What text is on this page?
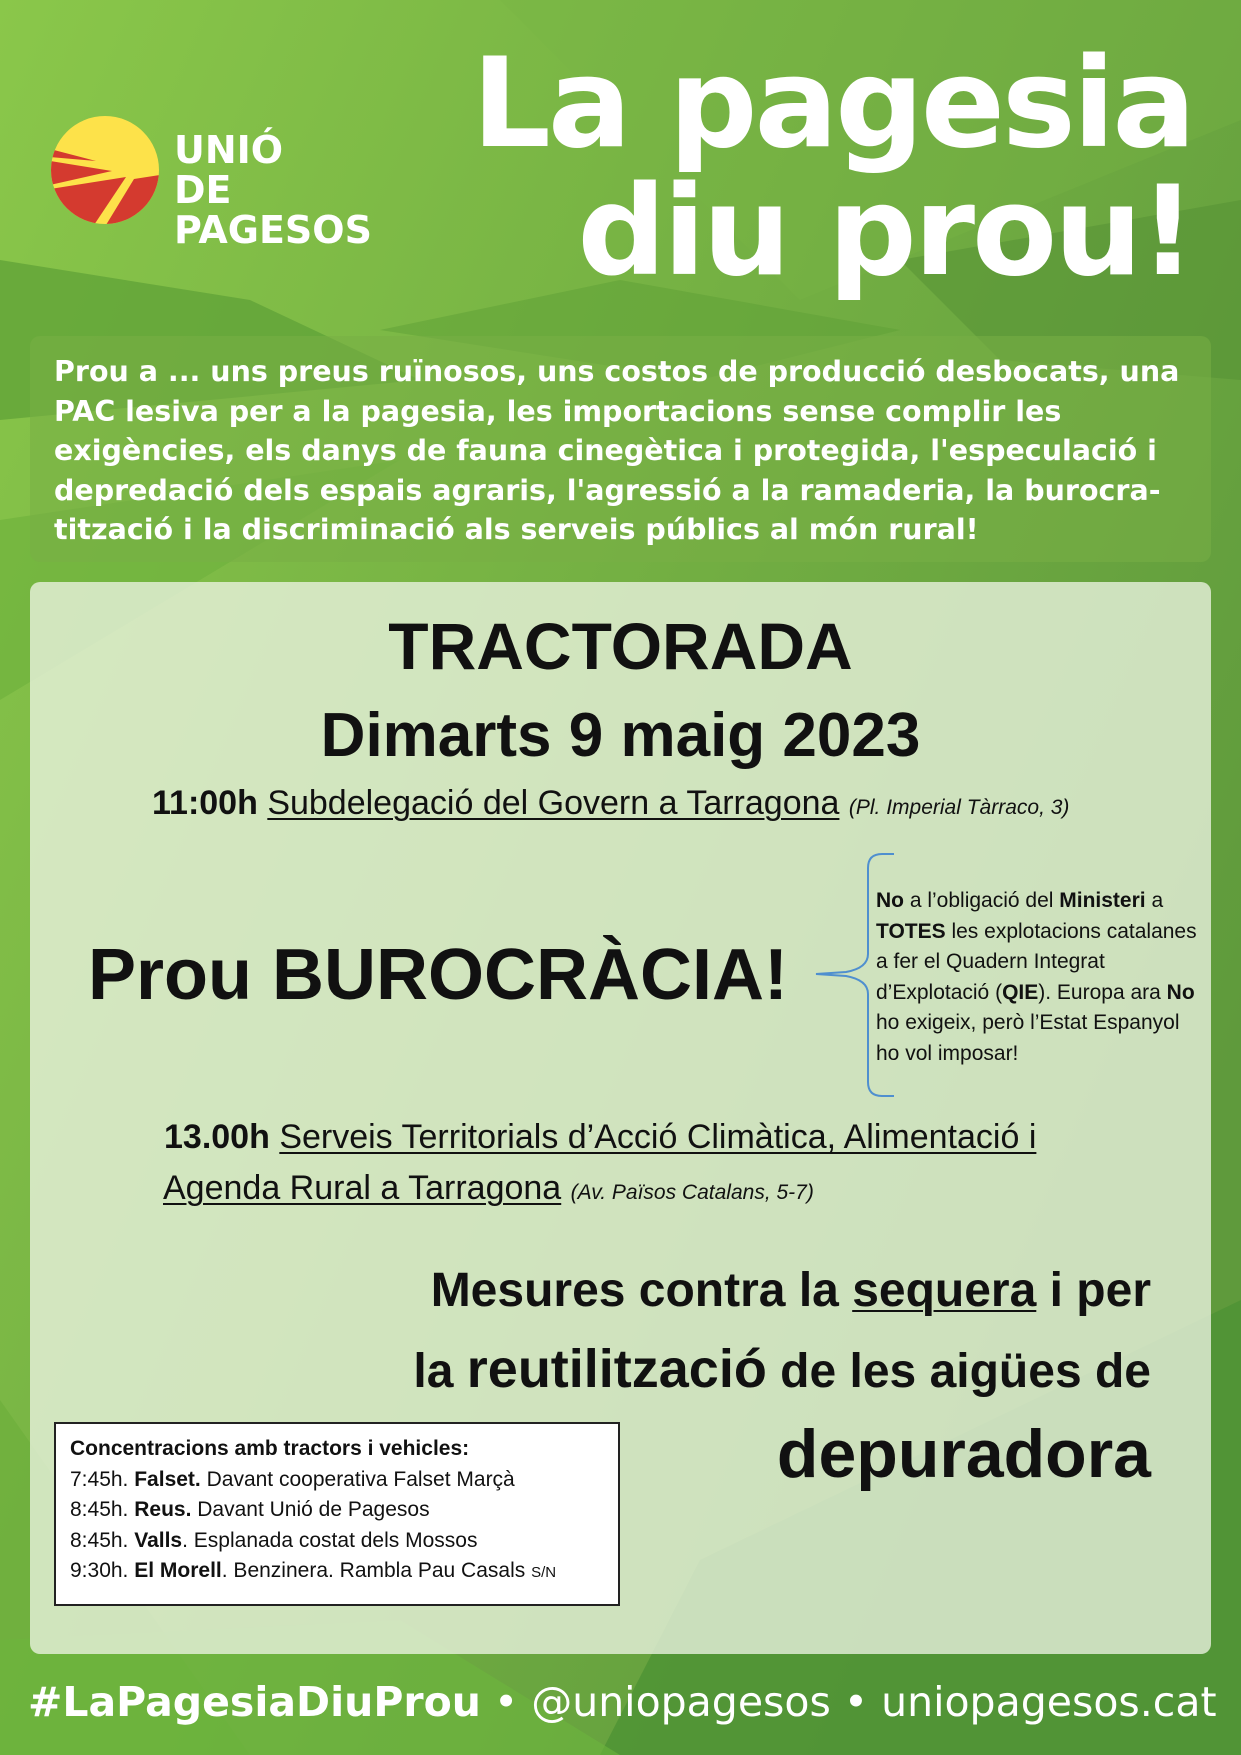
UNIÓ
DE PAGESOS
La pagesia
diu prou!
Prou a ... uns preus ruïnosos, uns costos de producció desbocats, una PAC lesiva per a la pagesia, les importacions sense complir les exigències, els danys de fauna cinegètica i protegida, l'especulació i depredació dels espais agraris, l'agressió a la ramaderia, la burocra-tització i la discriminació als serveis públics al món rural!
TRACTORADA
Dimarts 9 maig 2023
11:00h Subdelegació del Govern a Tarragona (Pl. Imperial Tàrraco, 3)
Prou BUROCRÀCIA!
No a l’obligació del Ministeri a TOTES les explotacions catalanes a fer el Quadern Integrat d’Explotació (QIE). Europa ara No ho exigeix, però l’Estat Espanyol ho vol imposar!
13.00h Serveis Territorials d’Acció Climàtica, Alimentació i
Agenda Rural a Tarragona (Av. Països Catalans, 5-7)
Mesures contra la sequera i per
la reutilització de les aigües de
depuradora
Concentracions amb tractors i vehicles:
7:45h. Falset. Davant cooperativa Falset Marçà
8:45h. Reus. Davant Unió de Pagesos
8:45h. Valls. Esplanada costat dels Mossos
9:30h. El Morell. Benzinera. Rambla Pau Casals S/N
#LaPagesiaDiuProu • @uniopagesos • uniopagesos.cat
